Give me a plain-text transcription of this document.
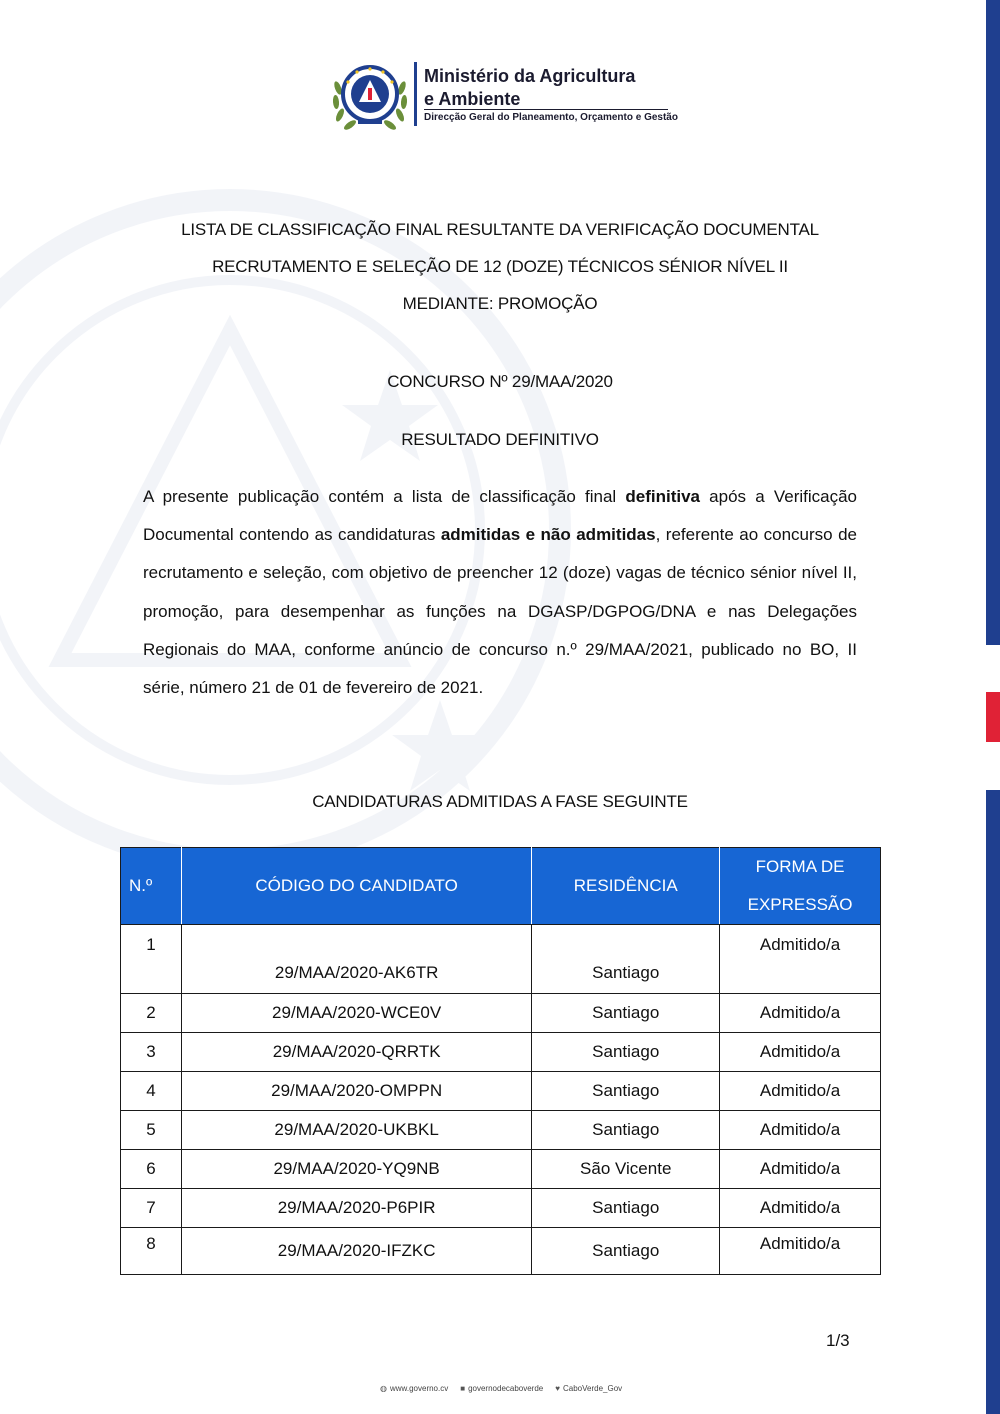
Ministério da Agricultura
e Ambiente
Direcção Geral do Planeamento, Orçamento e Gestão

LISTA DE CLASSIFICAÇÃO FINAL RESULTANTE DA VERIFICAÇÃO DOCUMENTAL

RECRUTAMENTO E SELEÇÃO DE 12 (DOZE) TÉCNICOS SÉNIOR NÍVEL II

MEDIANTE: PROMOÇÃO

CONCURSO Nº 29/MAA/2020

RESULTADO DEFINITIVO

A presente publicação contém a lista de classificação final definitiva após a Verificação Documental contendo as candidaturas admitidas e não admitidas, referente ao concurso de recrutamento e seleção, com objetivo de preencher 12 (doze) vagas de técnico sénior nível II, promoção, para desempenhar as funções na DGASP/DGPOG/DNA e nas Delegações Regionais do MAA, conforme anúncio de concurso n.º 29/MAA/2021, publicado no BO, II série, número 21 de 01 de fevereiro de 2021.

CANDIDATURAS ADMITIDAS A FASE SEGUINTE

N.º	CÓDIGO DO CANDIDATO	RESIDÊNCIA	FORMA DE
EXPRESSÃO
1	29/MAA/2020-AK6TR	Santiago	Admitido/a
2	29/MAA/2020-WCE0V	Santiago	Admitido/a
3	29/MAA/2020-QRRTK	Santiago	Admitido/a
4	29/MAA/2020-OMPPN	Santiago	Admitido/a
5	29/MAA/2020-UKBKL	Santiago	Admitido/a
6	29/MAA/2020-YQ9NB	São Vicente	Admitido/a
7	29/MAA/2020-P6PIR	Santiago	Admitido/a
8	29/MAA/2020-IFZKC	Santiago	Admitido/a
1/3
◍ www.governo.cv ■ governodecaboverde ♥ CaboVerde_Gov
